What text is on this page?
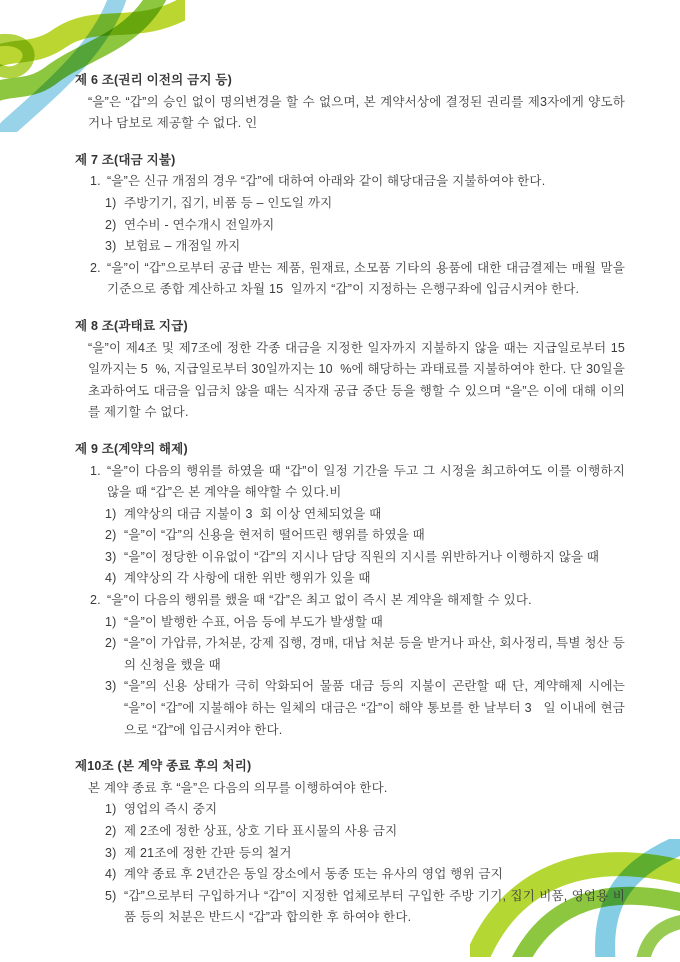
제 6 조(권리 이전의 금지 등)
“을”은 “갑”의 승인 없이 명의변경을 할 수 없으며, 본 계약서상에 결정된 권리를 제3자에게 양도하거나 담보로 제공할 수 없다. 인
제 7 조(대금 지불)
1. “을”은 신규 개점의 경우 “갑”에 대하여 아래와 같이 해당대금을 지불하여야 한다.
1) 주방기기, 집기, 비품 등 – 인도일 까지
2) 연수비 - 연수개시 전일까지
3) 보험료 – 개점일 까지
2. “을”이 “갑”으로부터 공급 받는 제품, 원재료, 소모품 기타의 용품에 대한 대금결제는 매월 말을 기준으로 종합 계산하고 차월 15  일까지 “갑”이 지정하는 은행구좌에 입금시켜야 한다.
제 8 조(과태료 지급)
“을”이 제4조 및 제7조에 정한 각종 대금을 지정한 일자까지 지불하지 않을 때는 지급일로부터 15일까지는 5  %, 지급일로부터 30일까지는 10  %에 해당하는 과태료를 지불하여야 한다. 단 30일을 초과하여도 대금을 입금치 않을 때는 식자재 공급 중단 등을 행할 수 있으며 “을”은 이에 대해 이의를 제기할 수 없다.
제 9 조(계약의 해제)
1. “을”이 다음의 행위를 하였을 때 “갑”이 일정 기간을 두고 그 시정을 최고하여도 이를 이행하지 않을 때 “갑”은 본 계약을 해약할 수 있다.비
1) 계약상의 대금 지불이 3  회 이상 연체되었을 때
2) “을”이 “갑”의 신용을 현저히 떨어뜨린 행위를 하였을 때
3) “을”이 정당한 이유없이 “갑”의 지시나 담당 직원의 지시를 위반하거나 이행하지 않을 때
4) 계약상의 각 사항에 대한 위반 행위가 있을 때
2. “을”이 다음의 행위를 했을 때 “갑”은 최고 없이 즉시 본 계약을 해제할 수 있다.
1) “을”이 발행한 수표, 어음 등에 부도가 발생할 때
2) “을”이 가압류, 가처분, 강제 집행, 경매, 대납 처분 등을 받거나 파산, 회사정리, 특별 청산 등의 신청을 했을 때
3) “을”의 신용 상태가 극히 악화되어 물품 대금 등의 지불이 곤란할 때 단, 계약해제 시에는 “을”이 “갑”에 지불해야 하는 일체의 대금은 “갑”이 해약 통보를 한 날부터 3   일 이내에 현금으로 “갑”에 입금시켜야 한다.
제10조 (본 계약 종료 후의 처리)
본 계약 종료 후 “을”은 다음의 의무를 이행하여야 한다.
1) 영업의 즉시 중지
2) 제 2조에 정한 상표, 상호 기타 표시물의 사용 금지
3) 제 21조에 정한 간판 등의 철거
4) 계약 종료 후 2년간은 동일 장소에서 동종 또는 유사의 영업 행위 금지
5) “갑”으로부터 구입하거나 “갑”이 지정한 업체로부터 구입한 주방 기기, 집기 비품, 영업용 비품 등의 처분은 반드시 “갑”과 합의한 후 하여야 한다.
